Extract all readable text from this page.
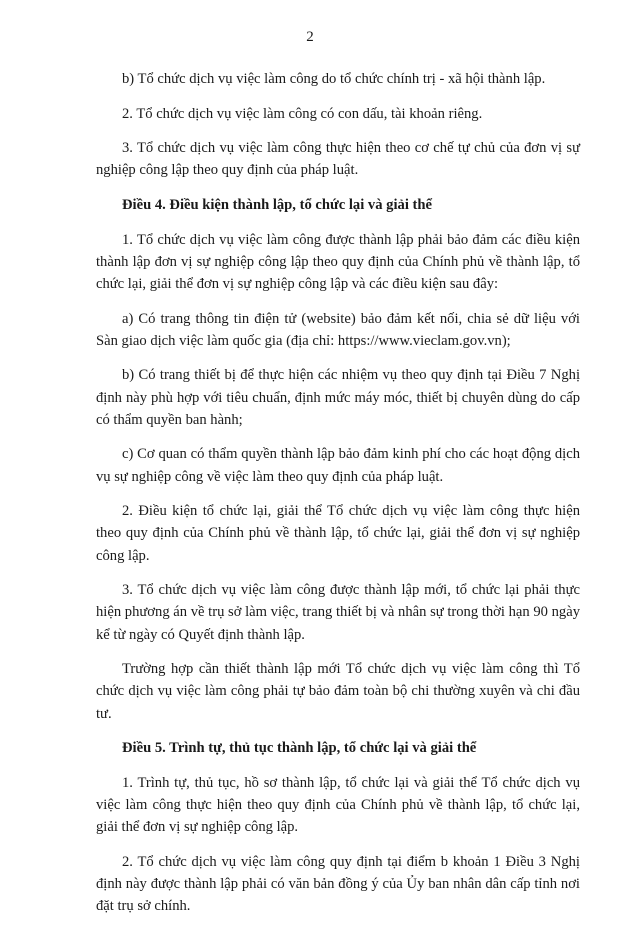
2

b) Tổ chức dịch vụ việc làm công do tổ chức chính trị - xã hội thành lập.

2. Tổ chức dịch vụ việc làm công có con dấu, tài khoản riêng.

3. Tổ chức dịch vụ việc làm công thực hiện theo cơ chế tự chủ của đơn vị sự nghiệp công lập theo quy định của pháp luật.

Điều 4. Điều kiện thành lập, tổ chức lại và giải thể

1. Tổ chức dịch vụ việc làm công được thành lập phải bảo đảm các điều kiện thành lập đơn vị sự nghiệp công lập theo quy định của Chính phủ về thành lập, tổ chức lại, giải thể đơn vị sự nghiệp công lập và các điều kiện sau đây:

a) Có trang thông tin điện tử (website) bảo đảm kết nối, chia sẻ dữ liệu với Sàn giao dịch việc làm quốc gia (địa chỉ: https://www.vieclam.gov.vn);

b) Có trang thiết bị để thực hiện các nhiệm vụ theo quy định tại Điều 7 Nghị định này phù hợp với tiêu chuẩn, định mức máy móc, thiết bị chuyên dùng do cấp có thẩm quyền ban hành;

c) Cơ quan có thẩm quyền thành lập bảo đảm kinh phí cho các hoạt động dịch vụ sự nghiệp công về việc làm theo quy định của pháp luật.

2. Điều kiện tổ chức lại, giải thể Tổ chức dịch vụ việc làm công thực hiện theo quy định của Chính phủ về thành lập, tổ chức lại, giải thể đơn vị sự nghiệp công lập.

3. Tổ chức dịch vụ việc làm công được thành lập mới, tổ chức lại phải thực hiện phương án về trụ sở làm việc, trang thiết bị và nhân sự trong thời hạn 90 ngày kể từ ngày có Quyết định thành lập.

Trường hợp cần thiết thành lập mới Tổ chức dịch vụ việc làm công thì Tổ chức dịch vụ việc làm công phải tự bảo đảm toàn bộ chi thường xuyên và chi đầu tư.

Điều 5. Trình tự, thủ tục thành lập, tổ chức lại và giải thể

1. Trình tự, thủ tục, hồ sơ thành lập, tổ chức lại và giải thể Tổ chức dịch vụ việc làm công thực hiện theo quy định của Chính phủ về thành lập, tổ chức lại, giải thể đơn vị sự nghiệp công lập.

2. Tổ chức dịch vụ việc làm công quy định tại điểm b khoản 1 Điều 3 Nghị định này được thành lập phải có văn bản đồng ý của Ủy ban nhân dân cấp tỉnh nơi đặt trụ sở chính.
